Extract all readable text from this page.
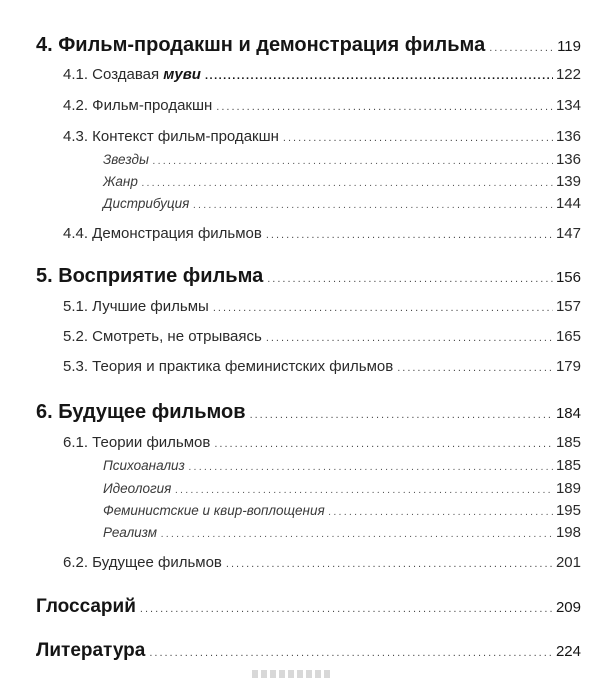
4. Фильм-продакшн и демонстрация фильма .....	119
4.1. Создавая муви .....	122
4.2. Фильм-продакшн .....	134
4.3. Контекст фильм-продакшн .....	136
Звезды .....	136
Жанр .....	139
Дистрибуция .....	144
4.4. Демонстрация фильмов .....	147
5. Восприятие фильма .....	156
5.1. Лучшие фильмы .....	157
5.2. Смотреть, не отрываясь .....	165
5.3. Теория и практика феминистских фильмов .....	179
6. Будущее фильмов .....	184
6.1. Теории фильмов .....	185
Психоанализ .....	185
Идеология .....	189
Феминистские и квир-воплощения .....	195
Реализм .....	198
6.2. Будущее фильмов .....	201
Глоссарий .....	209
Литература .....	224
